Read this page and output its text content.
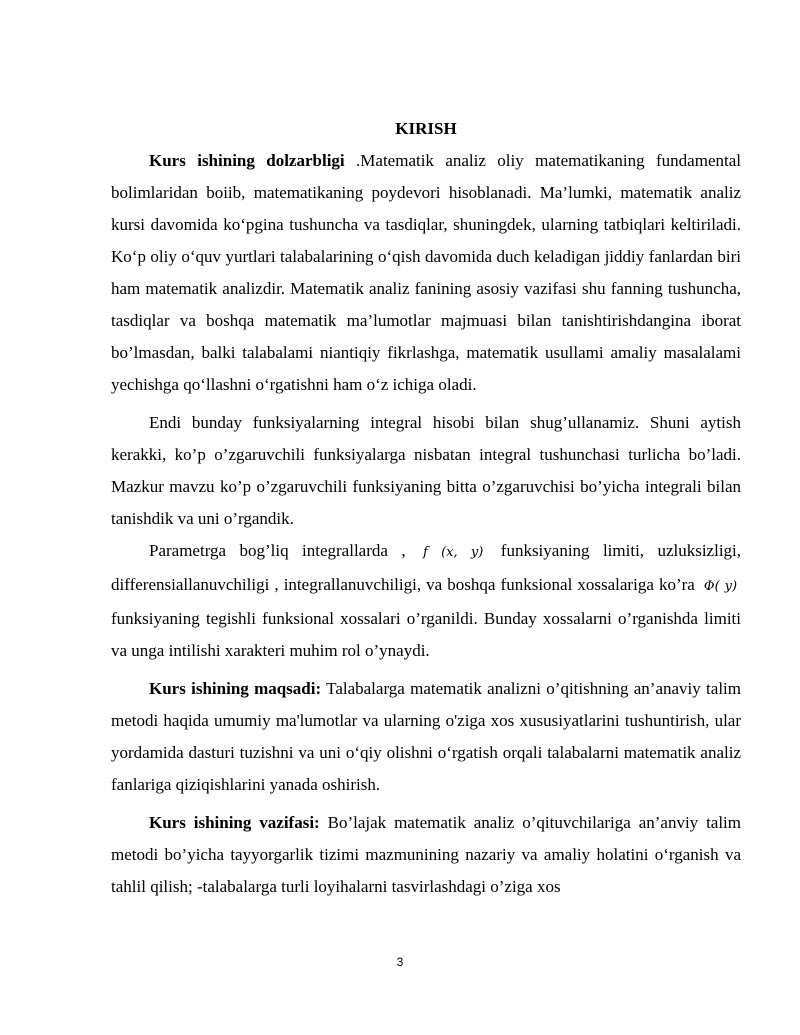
KIRISH

Kurs ishining dolzarbligi .Matematik analiz oliy matematikaning fundamental bolimlaridan boiib, matematikaning poydevori hisoblanadi. Ma’lumki, matematik analiz kursi davomida ko‘pgina tushuncha va tasdiqlar, shuningdek, ularning tatbiqlari keltiriladi. Ko‘p oliy o‘quv yurtlari talabalarining o‘qish davomida duch keladigan jiddiy fanlardan biri ham matematik analizdir. Matematik analiz fanining asosiy vazifasi shu fanning tushuncha, tasdiqlar va boshqa matematik ma’lumotlar majmuasi bilan tanishtirishdangina iborat bo’lmasdan, balki talabalami niantiqiy fikrlashga, matematik usullami amaliy masalalami yechishga qo‘llashni o‘rgatishni ham o‘z ichiga oladi.

Endi bunday funksiyalarning integral hisobi bilan shug’ullanamiz. Shuni aytish kerakki, ko’p o’zgaruvchili funksiyalarga nisbatan integral tushunchasi turlicha bo’ladi. Mazkur mavzu ko’p o’zgaruvchili funksiyaning bitta o’zgaruvchisi bo’yicha integrali bilan tanishdik va uni o’rgandik.

Parametrga bog’liq integrallarda , f (x, y) funksiyaning limiti, uzluksizligi, differensiallanuvchiligi , integrallanuvchiligi, va boshqa funksional xossalariga ko’ra Φ( y) funksiyaning tegishli funksional xossalari o’rganildi. Bunday xossalarni o’rganishda limiti va unga intilishi xarakteri muhim rol o’ynaydi.

Kurs ishining maqsadi: Talabalarga matematik analizni o’qitishning an’anaviy talim metodi haqida umumiy ma'lumotlar va ularning o'ziga xos xususiyatlarini tushuntirish, ular yordamida dasturi tuzishni va uni o‘qiy olishni o‘rgatish orqali talabalarni matematik analiz fanlariga qiziqishlarini yanada oshirish.

Kurs ishining vazifasi: Bo’lajak matematik analiz o’qituvchilariga an’anviy talim metodi bo’yicha tayyorgarlik tizimi mazmunining nazariy va amaliy holatini o‘rganish va tahlil qilish; -talabalarga turli loyihalarni tasvirlashdagi o’ziga xos

3
